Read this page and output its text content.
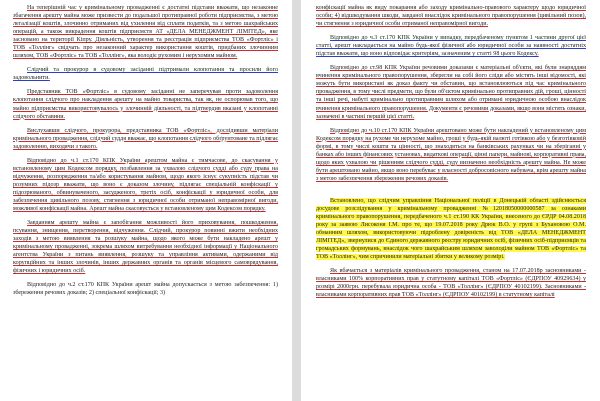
На теперішній час у кримінальному провадженні є достатні підстави вважати, що незаконне збагачення арешту майна може призвести до подальшої протиправної роботи підприємства, з метою легалізації коштів, злочинно отриманих від ухилення від сплати податків, та з метою шахрайських операцій, а також викрадення коштів підприємств АТ «ДЕЛА МЕНЕДЖМЕНТ ЛІМІТЕД», яке засновано на території Кіпру. Діяльність, утворення та реєстрація підприємства ТОВ «Фортліс» і ТОВ «Толлінг» свідчать про незаконний характер використання коштів, придбаних злочинним шляхом, ТОВ «Фортліс» та ТОВ «Толлінг», яка володіє рухомим і нерухомим майном.

Слідчий та прокурор в судовому засіданні підтримали клопотання та просили його задовольнити.

Представник ТОВ «Фортліс» в судовому засіданні не заперечував проти задоволення клопотання слідчого про накладення арешту на майно товариства, так як, не оспорював того, що майно підприємства використовувалось у злочинній діяльності, та підтвердив вказані у клопотанні слідчого обставини.

Вислухавши слідчого, прокурора, представника ТОВ «Фортліс», дослідивши матеріали кримінального провадження, слідчий суддя вважає, що клопотання слідчого обґрунтоване та підлягає задоволенню, виходячи з такого.

Відповідно до ч.1 ст.170 КПК України арештом майна є тимчасове, до скасування у встановленому цим Кодексом порядку, позбавлення за ухвалою слідчого судді або суду права на відчуження, розпорядження та/або користування майном, щодо якого існує сукупність підстав чи розумних підозр вважати, що воно є доказом злочину, підлягає спеціальній конфіскації у підозрюваного, обвинуваченого, засудженого, третіх осіб, конфіскації у юридичної особи, для забезпечення цивільного позову, стягнення з юридичної особи отриманої неправомірної вигоди, можливої конфіскації майна. Арешт майна скасовується у встановленому цим Кодексом порядку.

Завданням арешту майна є запобігання можливості його приховування, пошкодження, псування, знищення, перетворення, відчуження. Слідчий, прокурор повинні вжити необхідних заходів з метою виявлення та розшуку майна, щодо якого може бути накладено арешт у кримінальному провадженні, зокрема шляхом витребування необхідної інформації у Національного агентства України з питань виявлення, розшуку та управління активами, одержаними від корупційних та інших злочинів, інших державних органів та органів місцевого самоврядування, фізичних і юридичних осіб.

Відповідно до ч.2 ст.170 КПК України арешт майна допускається з метою забезпечення: 1) збереження речових доказів; 2) спеціальної конфіскації; 3)

конфіскації майна як виду покарання або заходу кримінально-правового характеру щодо юридичної особи; 4) відшкодування шкоди, завданої внаслідок кримінального правопорушення (цивільний позов), чи стягнення з юридичної особи отриманої неправомірної вигоди.

Відповідно до ч.3 ст.170 КПК України у випадку, передбаченому пунктом 1 частини другої цієї статті, арешт накладається на майно будь-якої фізичної або юридичної особи за наявності достатніх підстав вважати, що воно відповідає критеріям, зазначеним у статті 98 цього Кодексу.

Відповідно до ст.98 КПК України речовими доказами є матеріальні об'єкти, які були знаряддям вчинення кримінального правопорушення, зберегли на собі його сліди або містять інші відомості, які можуть бути використані як доказ факту чи обставин, що встановлюються під час кримінального провадження, в тому числі предмети, що були об'єктом кримінально протиправних дій, гроші, цінності та інші речі, набуті кримінально протиправним шляхом або отримані юридичною особою внаслідок вчинення кримінального правопорушення. Документи є речовими доказами, якщо вони містять ознаки, зазначені в частині першій цієї статті.

Відповідно до ч.10 ст.170 КПК України арештовано може бути накладений у встановленому цим Кодексом порядку на рухоме чи нерухоме майно, гроші у будь-якій валюті готівкою або у безготівковій формі, в тому числі кошти та цінності, що знаходяться на банківських рахунках чи на зберіганні у банках або інших фінансових установах, видаткові операції, цінні папери, майнові, корпоративні права, щодо яких ухвалою чи рішенням слідчого судді, суду визначено необхідність арешту майна. Не може бути арештовано майно, якщо воно перебуває у власності добросовісного набувача, крім арешту майна з метою забезпечення збереження речових доказів.

Встановлено, що слідчим управління Національної поліції в Донецькій області здійснюється досудове розслідування у кримінальному провадженні №12018050000000587 за ознаками кримінального правопорушення, передбаченого ч.1 ст.190 КК України, внесеного до ЄРДР 04.08.2018 року за заявою Лисоконя І.М. про те, що 19.07.2018 року Дрюк В.О. у групі з Бухановою О.М. обманним шляхом, використовуючи підроблену довіреність від ТОВ «ДЕЛА МЕНЕДЖМЕНТ ЛІМІТЕД», звернулися до Єдиного державного реєстру юридичних осіб, фізичних осіб-підприємців та громадських формувань, внаслідок чого шахрайським шляхом заволоділи майном ТОВ «Фортліс» та ТОВ «Толлінг», чим спричинили матеріальні збитки у великому розмірі.

Як вбачається з матеріалів кримінального провадження, станом на 17.07.2018р засновниками - власниками 100% корпоративних прав у статутному капіталі ТОВ «Фортліс» (ЄДРПОУ 40929634) у розмірі 2000грн. перебувала юридична особа - ТОВ «Толлінг» (ЄДРПОУ 40102199). Засновниками - власниками корпоративних прав ТОВ «Толлінг» (ЄДРПОУ 40102199) в статутному капіталі
